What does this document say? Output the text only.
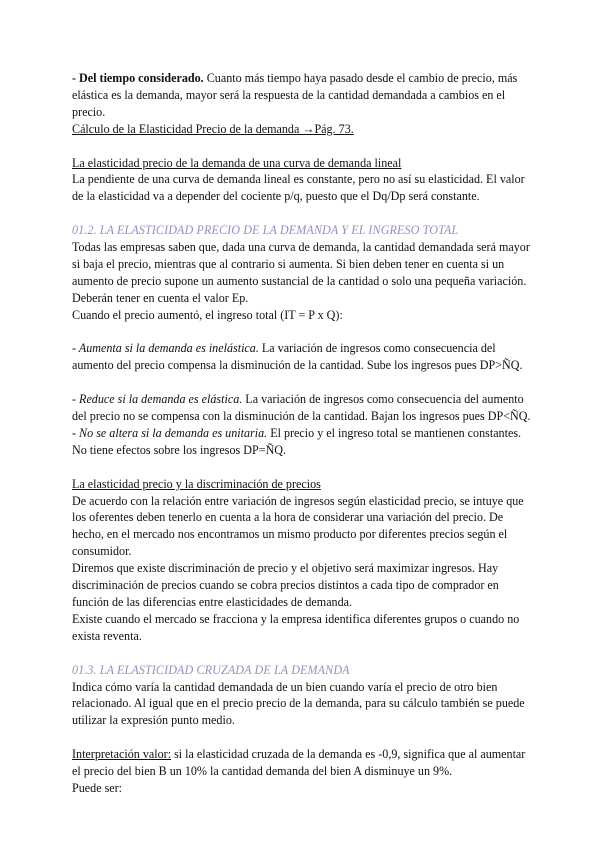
- Del tiempo considerado. Cuanto más tiempo haya pasado desde el cambio de precio, más elástica es la demanda, mayor será la respuesta de la cantidad demandada a cambios en el precio.

Cálculo de la Elasticidad Precio de la demanda →Pág. 73.

La elasticidad precio de la demanda de una curva de demanda lineal

La pendiente de una curva de demanda lineal es constante, pero no así su elasticidad. El valor de la elasticidad va a depender del cociente p/q, puesto que el Dq/Dp será constante.

01.2. LA ELASTICIDAD PRECIO DE LA DEMANDA Y EL INGRESO TOTAL

Todas las empresas saben que, dada una curva de demanda, la cantidad demandada será mayor si baja el precio, mientras que al contrario si aumenta. Si bien deben tener en cuenta si un aumento de precio supone un aumento sustancial de la cantidad o solo una pequeña variación. Deberán tener en cuenta el valor Ep.

Cuando el precio aumentó, el ingreso total (IT = P x Q):

- Aumenta si la demanda es inelástica. La variación de ingresos como consecuencia del aumento del precio compensa la disminución de la cantidad. Sube los ingresos pues DP>ÑQ.

- Reduce si la demanda es elástica. La variación de ingresos como consecuencia del aumento del precio no se compensa con la disminución de la cantidad. Bajan los ingresos pues DP<ÑQ.

- No se altera si la demanda es unitaria. El precio y el ingreso total se mantienen constantes. No tiene efectos sobre los ingresos DP=ÑQ.

La elasticidad precio y la discriminación de precios

De acuerdo con la relación entre variación de ingresos según elasticidad precio, se intuye que los oferentes deben tenerlo en cuenta a la hora de considerar una variación del precio. De hecho, en el mercado nos encontramos un mismo producto por diferentes precios según el consumidor.

Diremos que existe discriminación de precio y el objetivo será maximizar ingresos. Hay discriminación de precios cuando se cobra precios distintos a cada tipo de comprador en función de las diferencias entre elasticidades de demanda.

Existe cuando el mercado se fracciona y la empresa identifica diferentes grupos o cuando no exista reventa.

01.3. LA ELASTICIDAD CRUZADA DE LA DEMANDA

Indica cómo varía la cantidad demandada de un bien cuando varía el precio de otro bien relacionado. Al igual que en el precio precio de la demanda, para su cálculo también se puede utilizar la expresión punto medio.

Interpretación valor: si la elasticidad cruzada de la demanda es -0,9, significa que al aumentar el precio del bien B un 10% la cantidad demanda del bien A disminuye un 9%.

Puede ser:
